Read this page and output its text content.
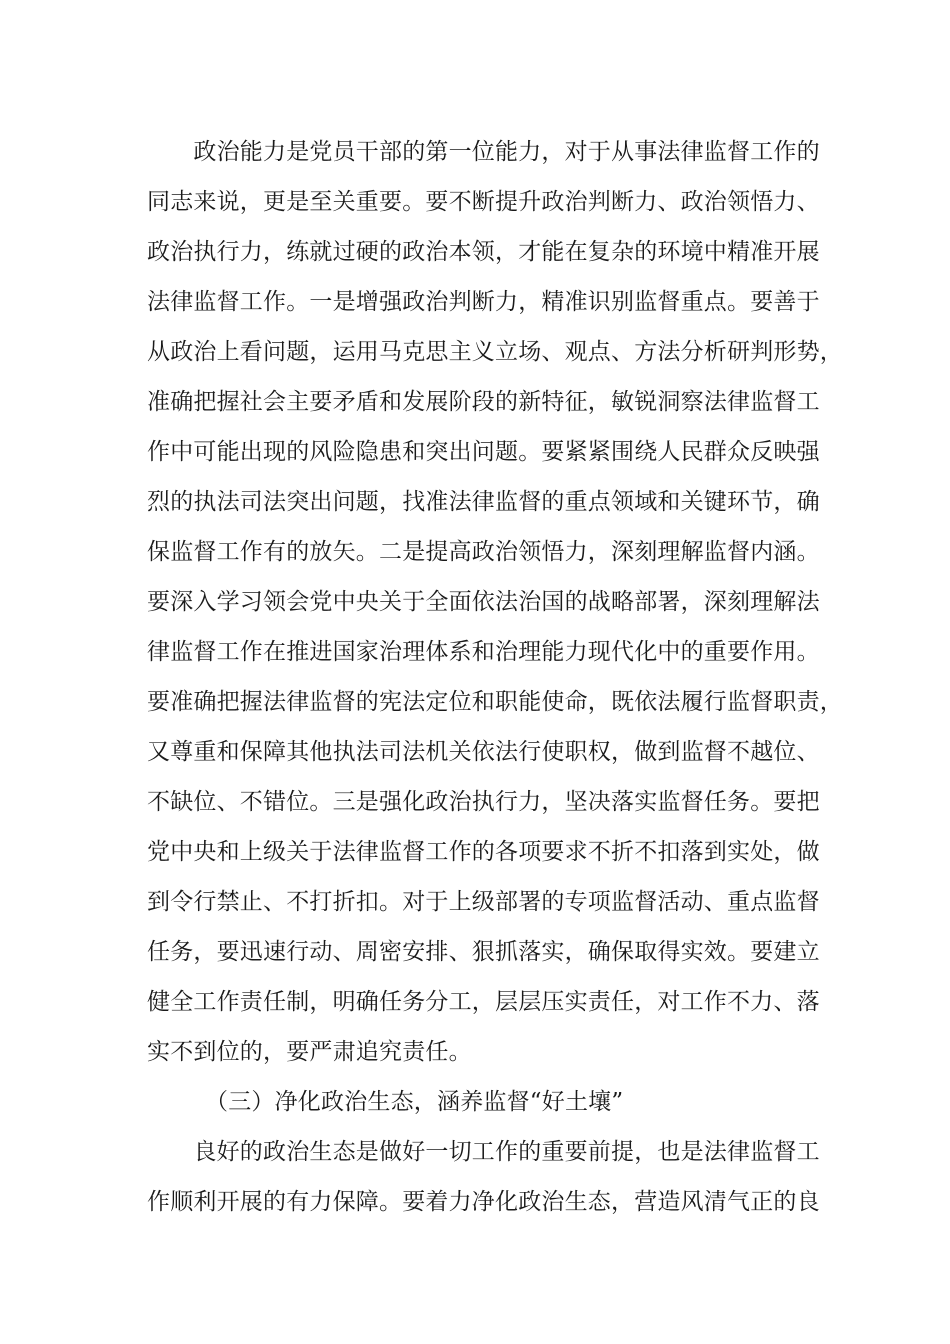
　　政治能力是党员干部的第一位能力，对于从事法律监督工作的
同志来说，更是至关重要。要不断提升政治判断力、政治领悟力、
政治执行力，练就过硬的政治本领，才能在复杂的环境中精准开展
法律监督工作。一是增强政治判断力，精准识别监督重点。要善于
从政治上看问题，运用马克思主义立场、观点、方法分析研判形势，
准确把握社会主要矛盾和发展阶段的新特征，敏锐洞察法律监督工
作中可能出现的风险隐患和突出问题。要紧紧围绕人民群众反映强
烈的执法司法突出问题，找准法律监督的重点领域和关键环节，确
保监督工作有的放矢。二是提高政治领悟力，深刻理解监督内涵。
要深入学习领会党中央关于全面依法治国的战略部署，深刻理解法
律监督工作在推进国家治理体系和治理能力现代化中的重要作用。
要准确把握法律监督的宪法定位和职能使命，既依法履行监督职责，
又尊重和保障其他执法司法机关依法行使职权，做到监督不越位、
不缺位、不错位。三是强化政治执行力，坚决落实监督任务。要把
党中央和上级关于法律监督工作的各项要求不折不扣落到实处，做
到令行禁止、不打折扣。对于上级部署的专项监督活动、重点监督
任务，要迅速行动、周密安排、狠抓落实，确保取得实效。要建立
健全工作责任制，明确任务分工，层层压实责任，对工作不力、落
实不到位的，要严肃追究责任。
（三）净化政治生态，涵养监督“好土壤”
　　良好的政治生态是做好一切工作的重要前提，也是法律监督工
作顺利开展的有力保障。要着力净化政治生态，营造风清气正的良
